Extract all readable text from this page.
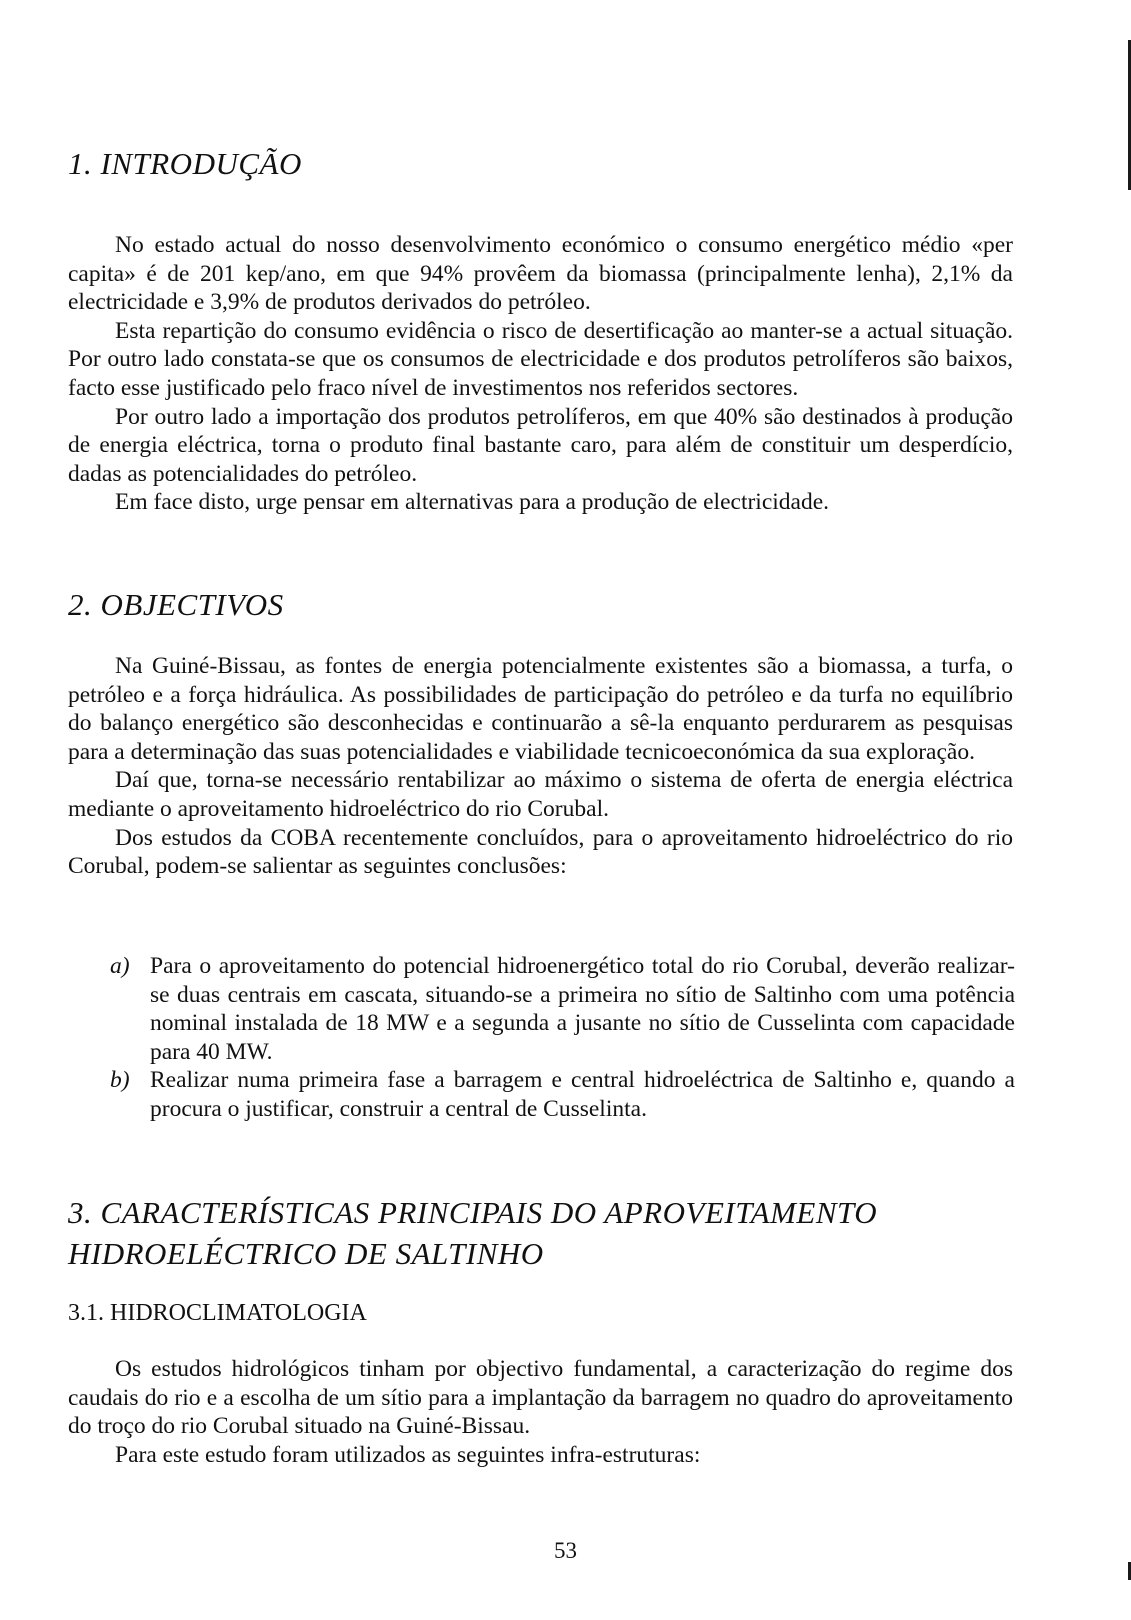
1. INTRODUÇÃO

No estado actual do nosso desenvolvimento económico o consumo energético médio «per capita» é de 201 kep/ano, em que 94% provêem da biomassa (principalmente lenha), 2,1% da electricidade e 3,9% de produtos derivados do petróleo.

Esta repartição do consumo evidência o risco de desertificação ao manter-se a actual situação. Por outro lado constata-se que os consumos de electricidade e dos produtos petrolíferos são baixos, facto esse justificado pelo fraco nível de investimentos nos referidos sectores.

Por outro lado a importação dos produtos petrolíferos, em que 40% são destinados à produção de energia eléctrica, torna o produto final bastante caro, para além de constituir um desperdício, dadas as potencialidades do petróleo.

Em face disto, urge pensar em alternativas para a produção de electricidade.

2. OBJECTIVOS

Na Guiné-Bissau, as fontes de energia potencialmente existentes são a biomassa, a turfa, o petróleo e a força hidráulica. As possibilidades de participação do petróleo e da turfa no equilíbrio do balanço energético são desconhecidas e continuarão a sê-la enquanto perdurarem as pesquisas para a determinação das suas potencialidades e viabilidade tecnicoeconómica da sua exploração.

Daí que, torna-se necessário rentabilizar ao máximo o sistema de oferta de energia eléctrica mediante o aproveitamento hidroeléctrico do rio Corubal.

Dos estudos da COBA recentemente concluídos, para o aproveitamento hidroeléctrico do rio Corubal, podem-se salientar as seguintes conclusões:

a) Para o aproveitamento do potencial hidroenergético total do rio Corubal, deverão realizar-se duas centrais em cascata, situando-se a primeira no sítio de Saltinho com uma potência nominal instalada de 18 MW e a segunda a jusante no sítio de Cusselinta com capacidade para 40 MW.
b) Realizar numa primeira fase a barragem e central hidroeléctrica de Saltinho e, quando a procura o justificar, construir a central de Cusselinta.
3. CARACTERÍSTICAS PRINCIPAIS DO APROVEITAMENTO
HIDROELÉCTRICO DE SALTINHO
3.1. HIDROCLIMATOLOGIA

Os estudos hidrológicos tinham por objectivo fundamental, a caracterização do regime dos caudais do rio e a escolha de um sítio para a implantação da barragem no quadro do aproveitamento do troço do rio Corubal situado na Guiné-Bissau.

Para este estudo foram utilizados as seguintes infra-estruturas:

53
